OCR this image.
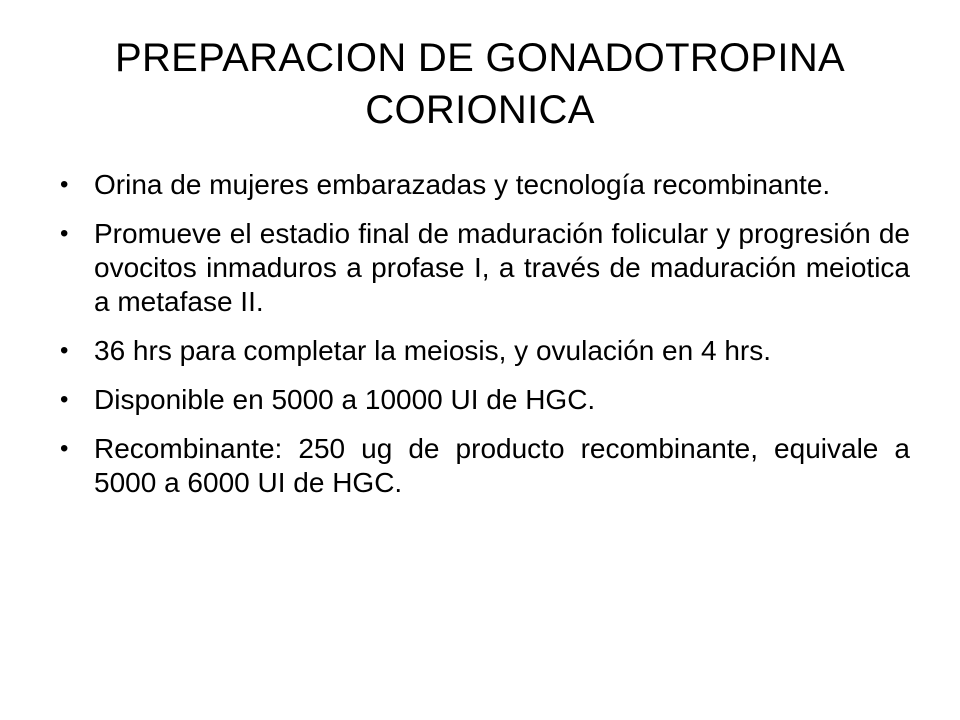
PREPARACION DE GONADOTROPINA
CORIONICA
• Orina de mujeres embarazadas y tecnología recombinante.
• Promueve el estadio final de maduración folicular y progresión de ovocitos inmaduros a profase I, a través de maduración meiotica a metafase II.
• 36 hrs para completar la meiosis, y ovulación en 4 hrs.
• Disponible en 5000 a 10000 UI de HGC.
• Recombinante: 250 ug de producto recombinante, equivale a 5000 a 6000 UI de HGC.
